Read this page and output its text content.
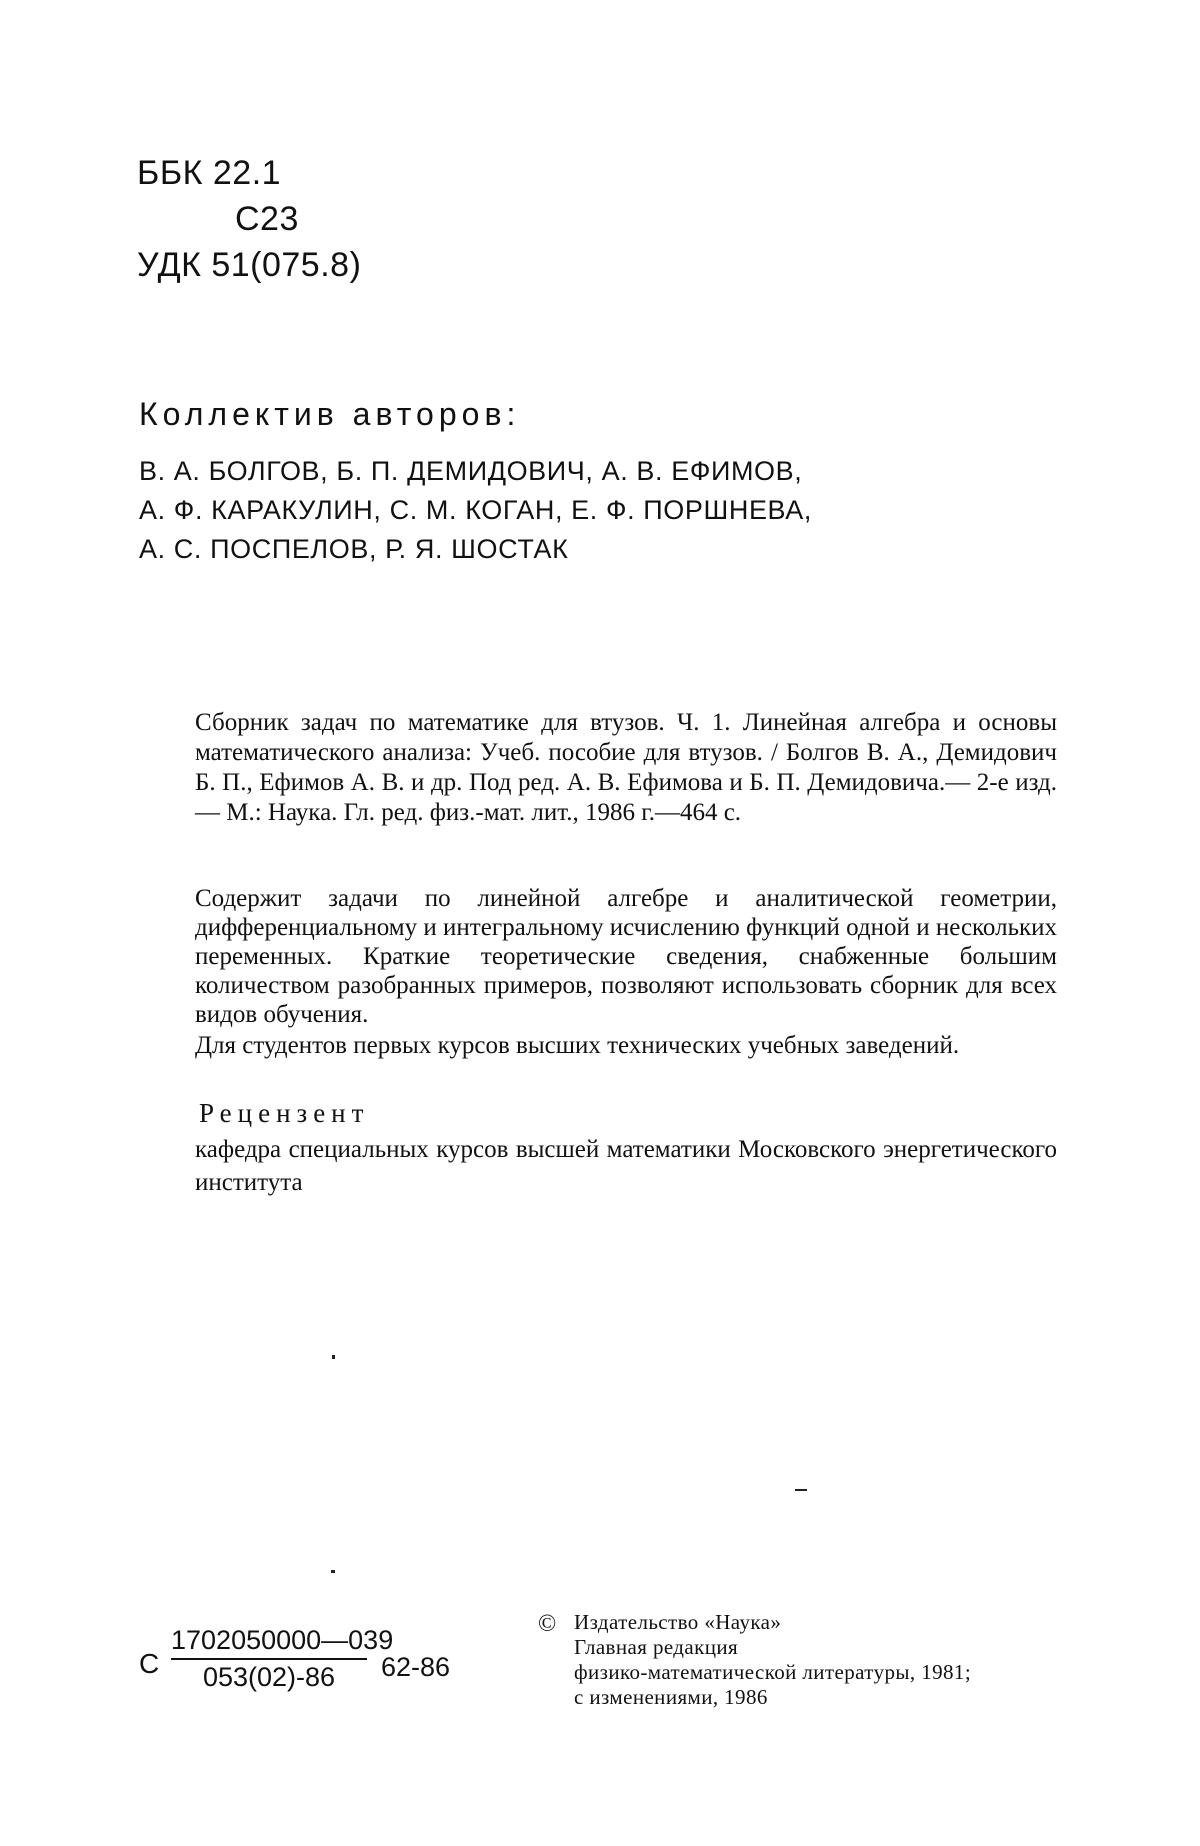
ББК 22.1
С23
УДК 51(075.8)
Коллектив авторов:
В. А. БОЛГОВ, Б. П. ДЕМИДОВИЧ, А. В. ЕФИМОВ,
А. Ф. КАРАКУЛИН, С. М. КОГАН, Е. Ф. ПОРШНЕВА,
А. С. ПОСПЕЛОВ, Р. Я. ШОСТАК

Сборник задач по математике для втузов. Ч. 1. Линейная алгебра и основы математического анализа: Учеб. пособие для втузов. / Болгов В. А., Демидович Б. П., Ефимов А. В. и др. Под ред. А. В. Ефимова и Б. П. Демидовича.— 2-е изд.— М.: Наука. Гл. ред. физ.-мат. лит., 1986 г.—464 с.

Содержит задачи по линейной алгебре и аналитической геометрии, дифференциальному и интегральному исчислению функций одной и нескольких переменных. Краткие теоретические сведения, снабженные большим количеством разобранных примеров, позволяют использовать сборник для всех видов обучения.

Для студентов первых курсов высших технических учебных заведений.

Рецензент
кафедра специальных курсов высшей математики Московского энергетического института
С $\frac{1702050000—039}{053(02)-86} 62-86$
© Издательство «Наука»
Главная редакция
физико-математической литературы, 1981;
с изменениями, 1986
